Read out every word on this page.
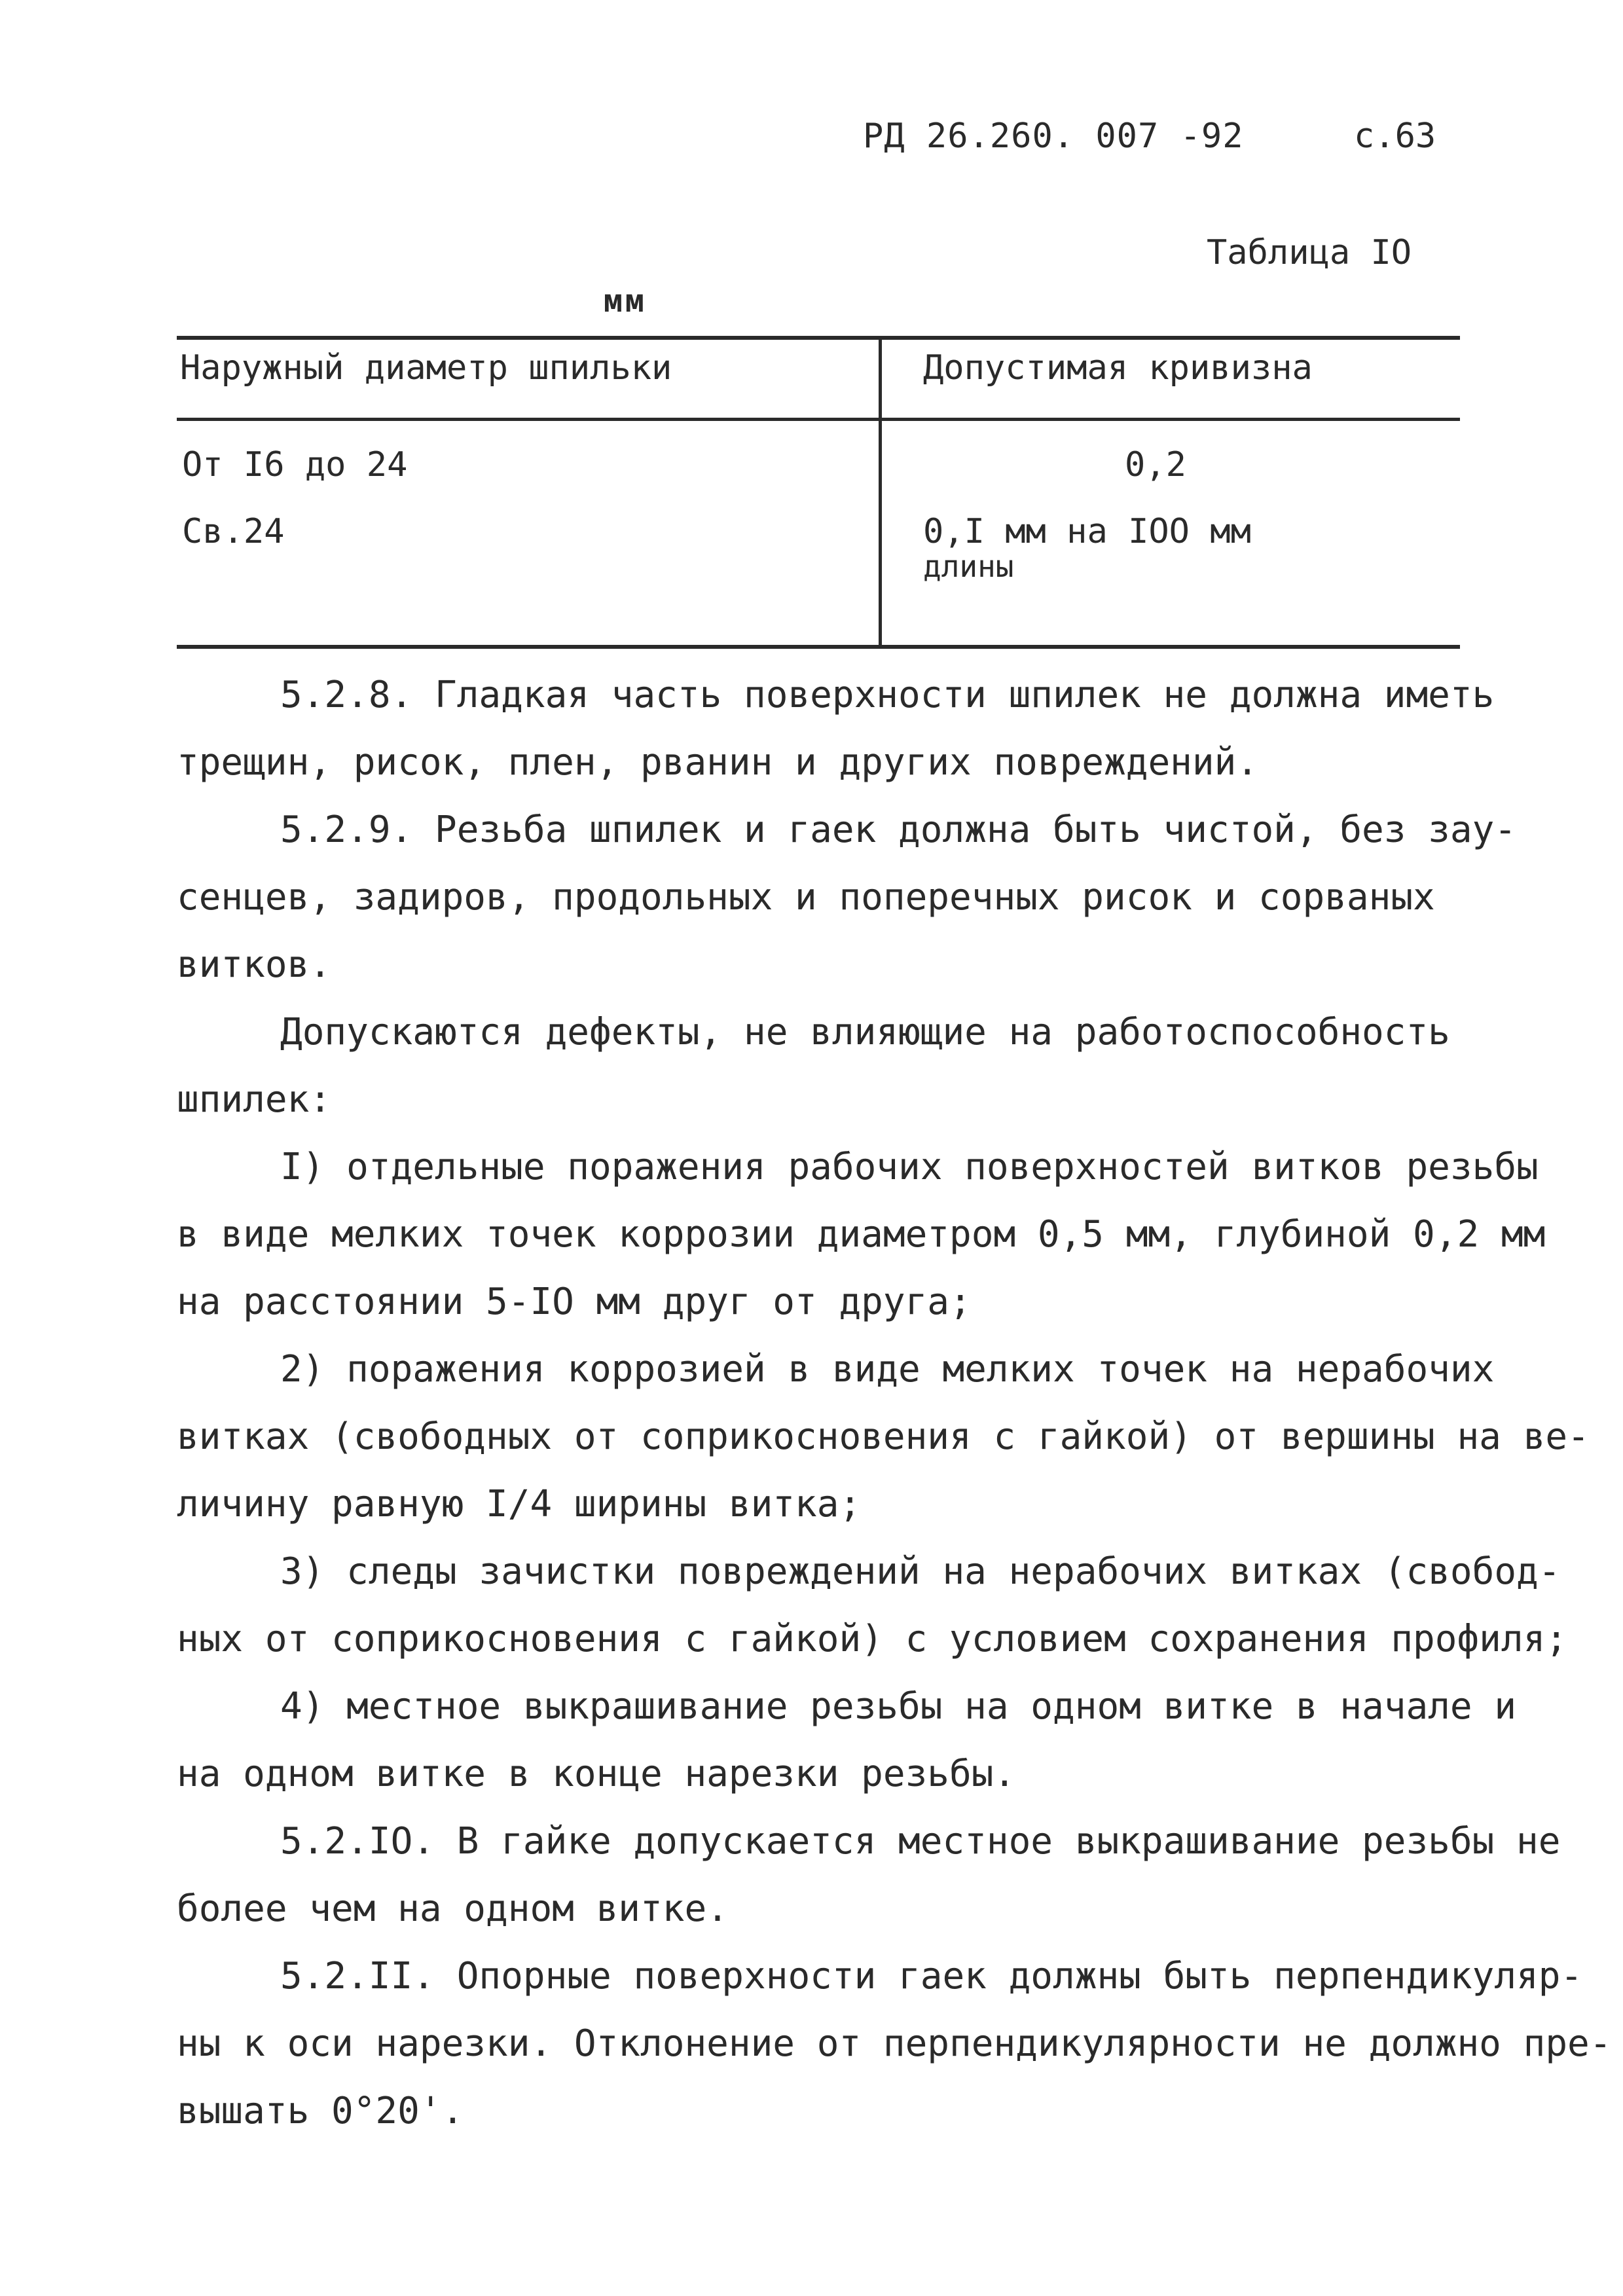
РД 26.260. 007 -92	с.63
Таблица IO
мм
Наружный диаметр шпильки	Допустимая кривизна
От I6 до 24	0,2
Св.24	0,I мм на IOO мм
длины
5.2.8. Гладкая часть поверхности шпилек не должна иметь
трещин, рисок, плен, рванин и других повреждений.
5.2.9. Резьба шпилек и гаек должна быть чистой, без зау-
сенцев, задиров, продольных и поперечных рисок и сорваных
витков.
Допускаются дефекты, не влияющие на работоспособность
шпилек:
I) отдельные поражения рабочих поверхностей витков резьбы
в виде мелких точек коррозии диаметром 0,5 мм, глубиной 0,2 мм
на расстоянии 5-IO мм друг от друга;
2) поражения коррозией в виде мелких точек на нерабочих
витках (свободных от соприкосновения с гайкой) от вершины на ве-
личину равную I/4 ширины витка;
3) следы зачистки повреждений на нерабочих витках (свобод-
ных от соприкосновения с гайкой) с условием сохранения профиля;
4) местное выкрашивание резьбы на одном витке в начале и
на одном витке в конце нарезки резьбы.
5.2.IO. В гайке допускается местное выкрашивание резьбы не
более чем на одном витке.
5.2.II. Опорные поверхности гаек должны быть перпендикуляр-
ны к оси нарезки. Отклонение от перпендикулярности не должно пре-
вышать 0°20'.
